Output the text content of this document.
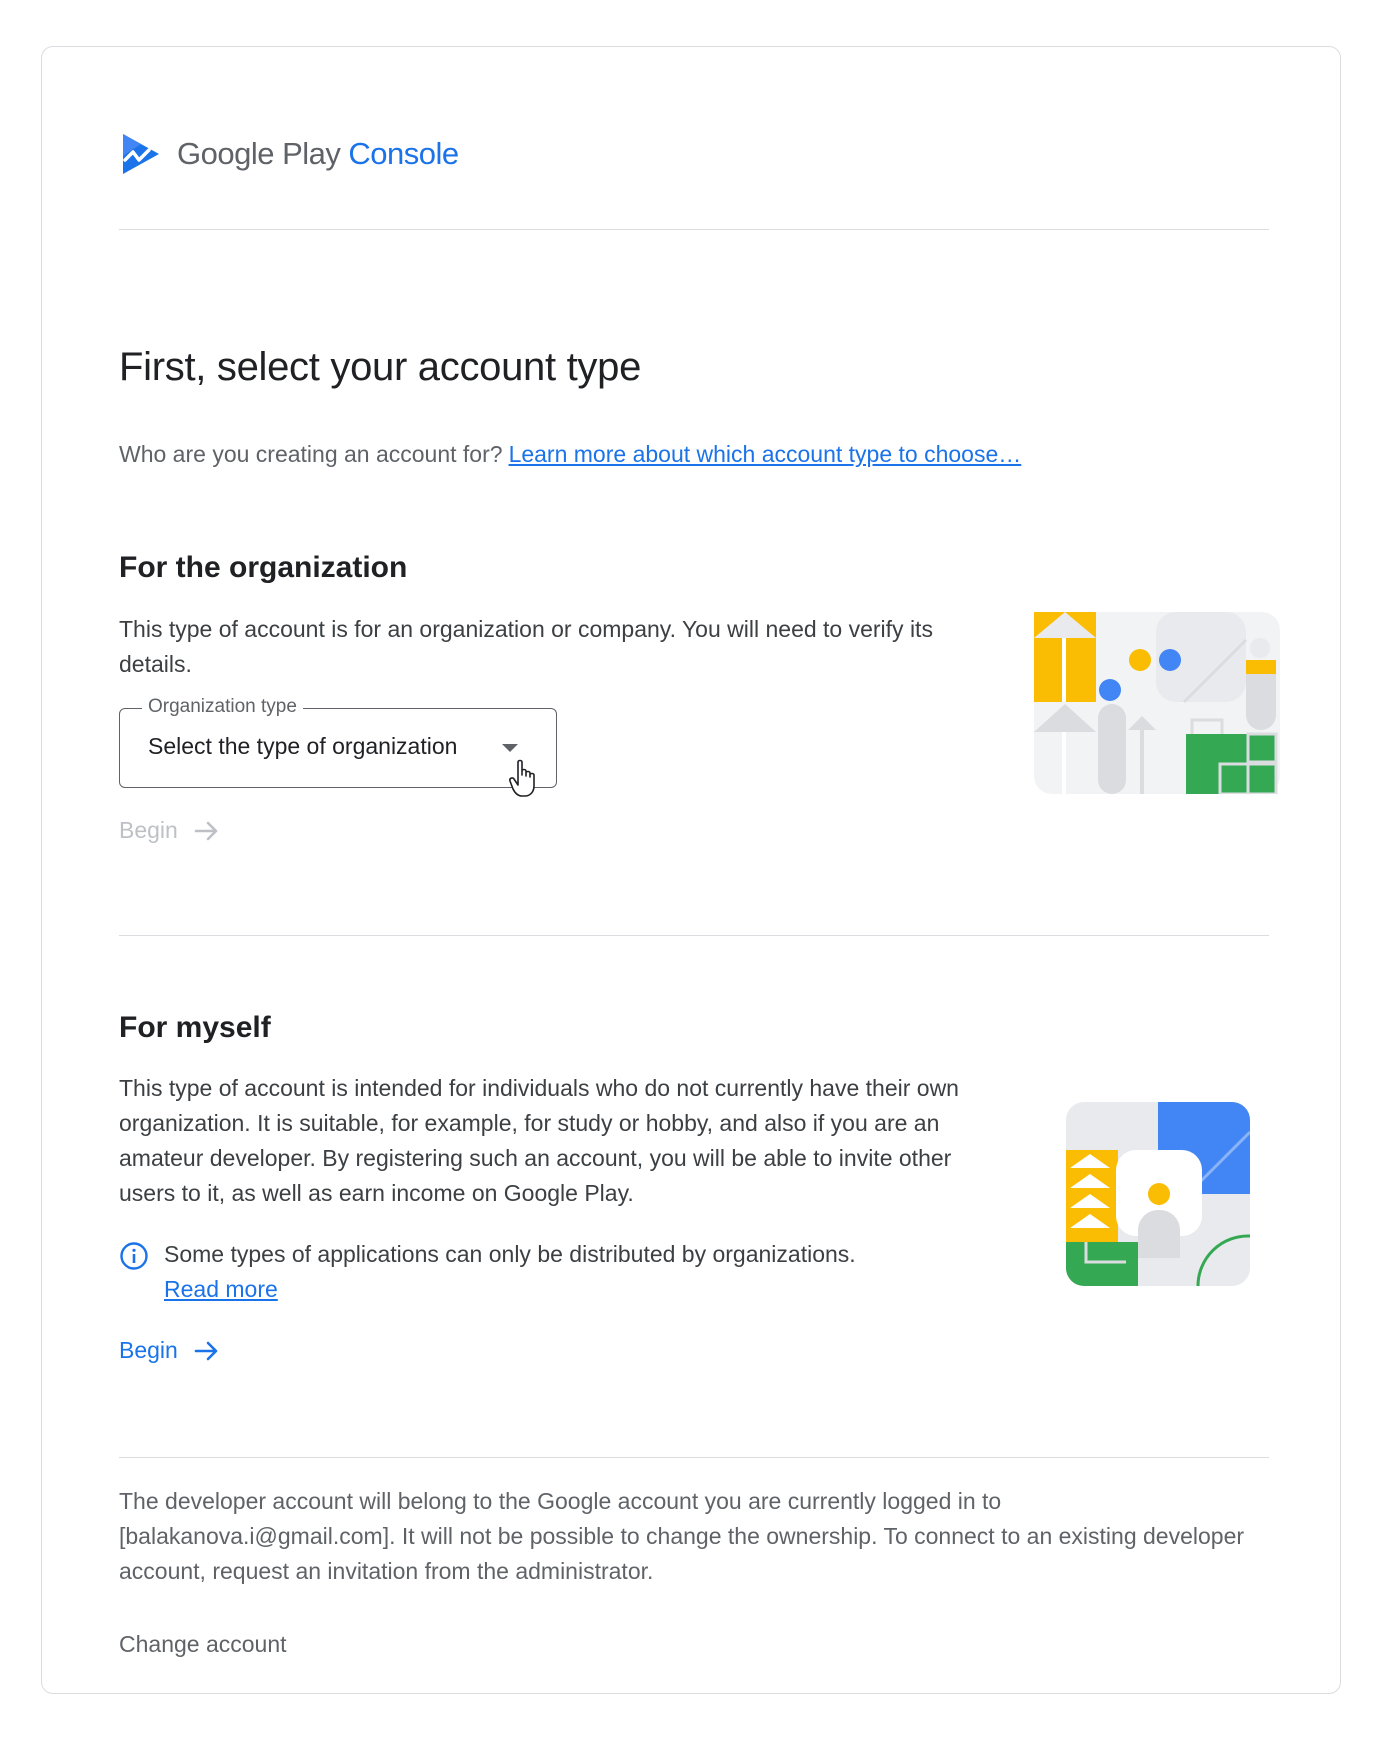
Google Play Console
First, select your account type
Who are you creating an account for? Learn more about which account type to choose…
For the organization

This type of account is for an organization or company. You will need to verify its details.

Organization type
Select the type of organization
Begin
For myself

This type of account is intended for individuals who do not currently have their own organization. It is suitable, for example, for study or hobby, and also if you are an amateur developer. By registering such an account, you will be able to invite other users to it, as well as earn income on Google Play.

Some types of applications can only be distributed by organizations.
Read more
Begin

The developer account will belong to the Google account you are currently logged in to [balakanova.i@gmail.com]. It will not be possible to change the ownership. To connect to an existing developer account, request an invitation from the administrator.

Change account
